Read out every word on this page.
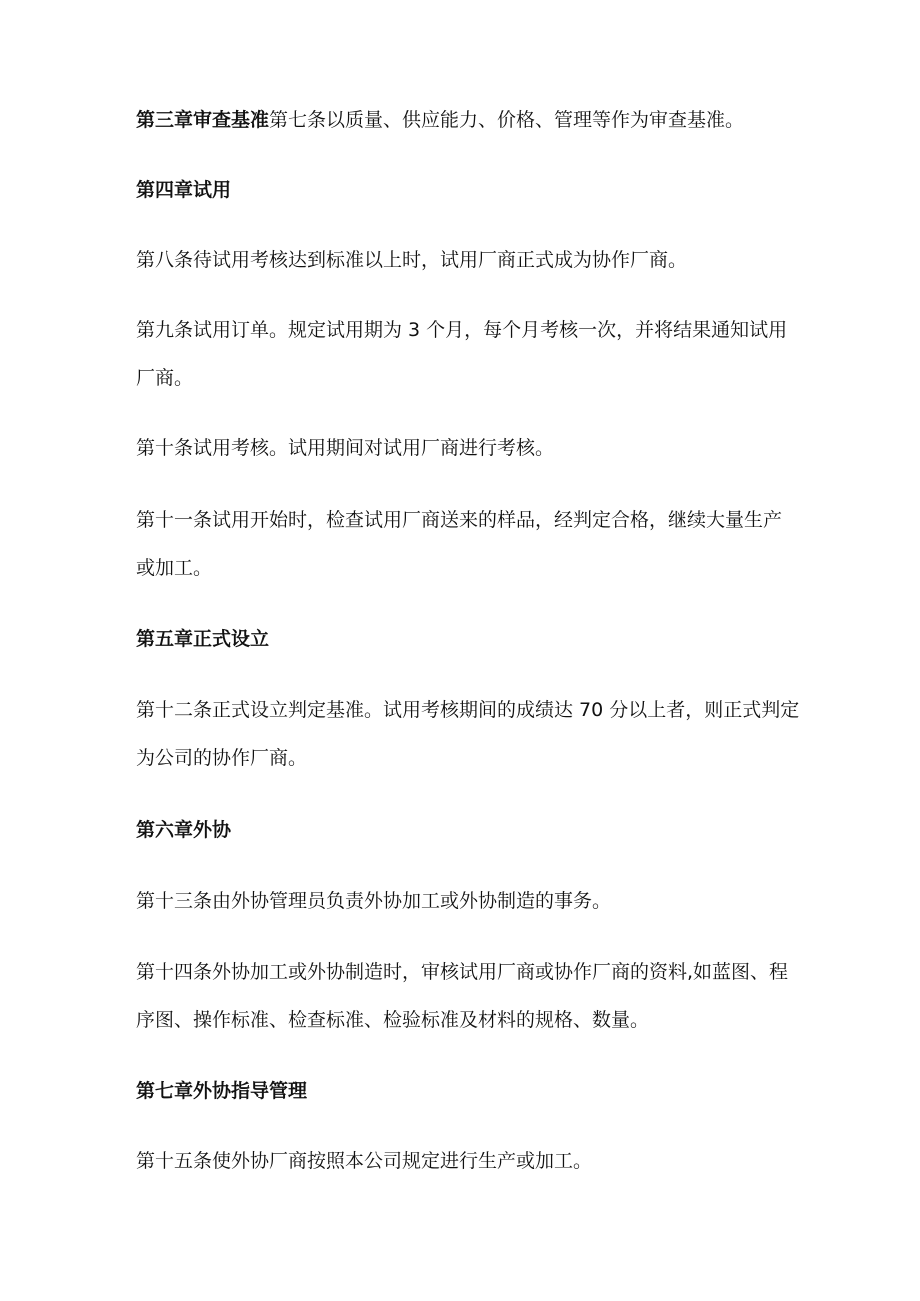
第三章审查基准第七条以质量、供应能力、价格、管理等作为审查基准。
第四章试用
第八条待试用考核达到标准以上时，试用厂商正式成为协作厂商。
第九条试用订单。规定试用期为 3 个月，每个月考核一次，并将结果通知试用
厂商。
第十条试用考核。试用期间对试用厂商进行考核。
第十一条试用开始时，检查试用厂商送来的样品，经判定合格，继续大量生产
或加工。
第五章正式设立
第十二条正式设立判定基准。试用考核期间的成绩达 70 分以上者，则正式判定
为公司的协作厂商。
第六章外协
第十三条由外协管理员负责外协加工或外协制造的事务。
第十四条外协加工或外协制造时，审核试用厂商或协作厂商的资料,如蓝图、程
序图、操作标准、检查标准、检验标准及材料的规格、数量。
第七章外协指导管理
第十五条使外协厂商按照本公司规定进行生产或加工。
